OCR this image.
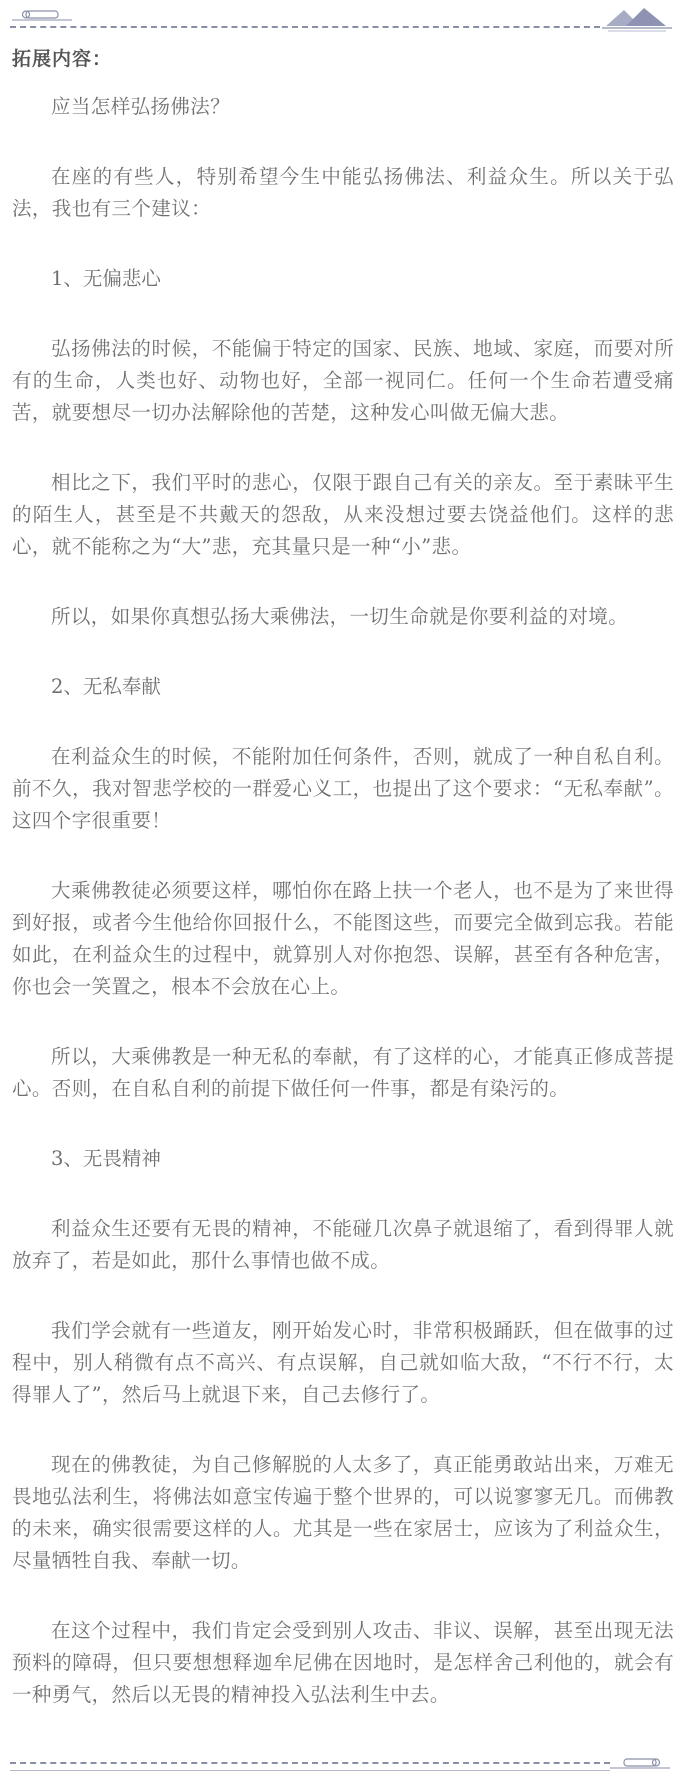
拓展内容：

应当怎样弘扬佛法？

在座的有些人，特别希望今生中能弘扬佛法、利益众生。所以关于弘法，我也有三个建议：

1、无偏悲心

弘扬佛法的时候，不能偏于特定的国家、民族、地域、家庭，而要对所有的生命，人类也好、动物也好，全部一视同仁。任何一个生命若遭受痛苦，就要想尽一切办法解除他的苦楚，这种发心叫做无偏大悲。

相比之下，我们平时的悲心，仅限于跟自己有关的亲友。至于素昧平生的陌生人，甚至是不共戴天的怨敌，从来没想过要去饶益他们。这样的悲心，就不能称之为“大”悲，充其量只是一种“小”悲。

所以，如果你真想弘扬大乘佛法，一切生命就是你要利益的对境。

2、无私奉献

在利益众生的时候，不能附加任何条件，否则，就成了一种自私自利。前不久，我对智悲学校的一群爱心义工，也提出了这个要求：“无私奉献”。这四个字很重要！

大乘佛教徒必须要这样，哪怕你在路上扶一个老人，也不是为了来世得到好报，或者今生他给你回报什么，不能图这些，而要完全做到忘我。若能如此，在利益众生的过程中，就算别人对你抱怨、误解，甚至有各种危害，你也会一笑置之，根本不会放在心上。

所以，大乘佛教是一种无私的奉献，有了这样的心，才能真正修成菩提心。否则，在自私自利的前提下做任何一件事，都是有染污的。

3、无畏精神

利益众生还要有无畏的精神，不能碰几次鼻子就退缩了，看到得罪人就放弃了，若是如此，那什么事情也做不成。

我们学会就有一些道友，刚开始发心时，非常积极踊跃，但在做事的过程中，别人稍微有点不高兴、有点误解，自己就如临大敌，“不行不行，太得罪人了”，然后马上就退下来，自己去修行了。

现在的佛教徒，为自己修解脱的人太多了，真正能勇敢站出来，万难无畏地弘法利生，将佛法如意宝传遍于整个世界的，可以说寥寥无几。而佛教的未来，确实很需要这样的人。尤其是一些在家居士，应该为了利益众生，尽量牺牲自我、奉献一切。

在这个过程中，我们肯定会受到别人攻击、非议、误解，甚至出现无法预料的障碍，但只要想想释迦牟尼佛在因地时，是怎样舍己利他的，就会有一种勇气，然后以无畏的精神投入弘法利生中去。
